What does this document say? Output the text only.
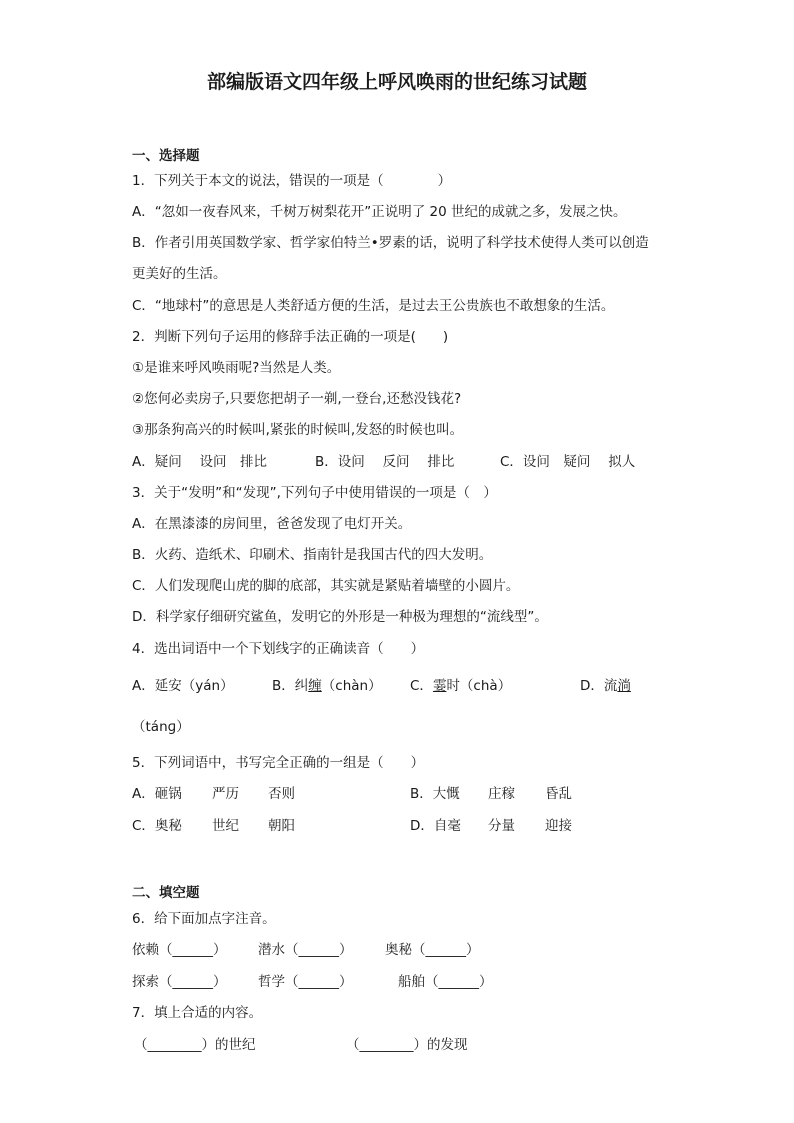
部编版语文四年级上呼风唤雨的世纪练习试题
一、选择题
1．下列关于本文的说法，错误的一项是（　　　　）
A．“忽如一夜春风来，千树万树梨花开”正说明了 20 世纪的成就之多，发展之快。
B．作者引用英国数学家、哲学家伯特兰•罗素的话，说明了科学技术使得人类可以创造
更美好的生活。
C．“地球村”的意思是人类舒适方便的生活，是过去王公贵族也不敢想象的生活。
2．判断下列句子运用的修辞手法正确的一项是(　　)
①是谁来呼风唤雨呢?当然是人类。
②您何必卖房子,只要您把胡子一剃,一登台,还愁没钱花?
③那条狗高兴的时候叫,紧张的时候叫,发怒的时候也叫。
A．疑问　 设问　排比	B．设问　 反问　 排比	C．设问　疑问　 拟人
3．关于“发明”和“发现”,下列句子中使用错误的一项是（　）
A．在黑漆漆的房间里，爸爸发现了电灯开关。
B．火药、造纸术、印刷术、指南针是我国古代的四大发明。
C．人们发现爬山虎的脚的底部，其实就是紧贴着墙壁的小圆片。
D．科学家仔细研究鲨鱼，发明它的外形是一种极为理想的“流线型”。
4．选出词语中一个下划线字的正确读音（　　）
A．延安（yán）	B．纠缠（chàn） C．霎时（chà）	D．流淌
（tánɡ）
5．下列词语中，书写完全正确的一组是（　　）
A．砸锅 严历 否则	B．大慨 庄稼 昏乱
C．奥秘 世纪 朝阳	D．自毫 分量 迎接
二、填空题
6．给下面加点字注音。
依赖（______） 潜水（______） 奥秘（______）
探索（______） 哲学（______）	船舶（______）
7．填上合适的内容。
（________）的世纪	（________）的发现
